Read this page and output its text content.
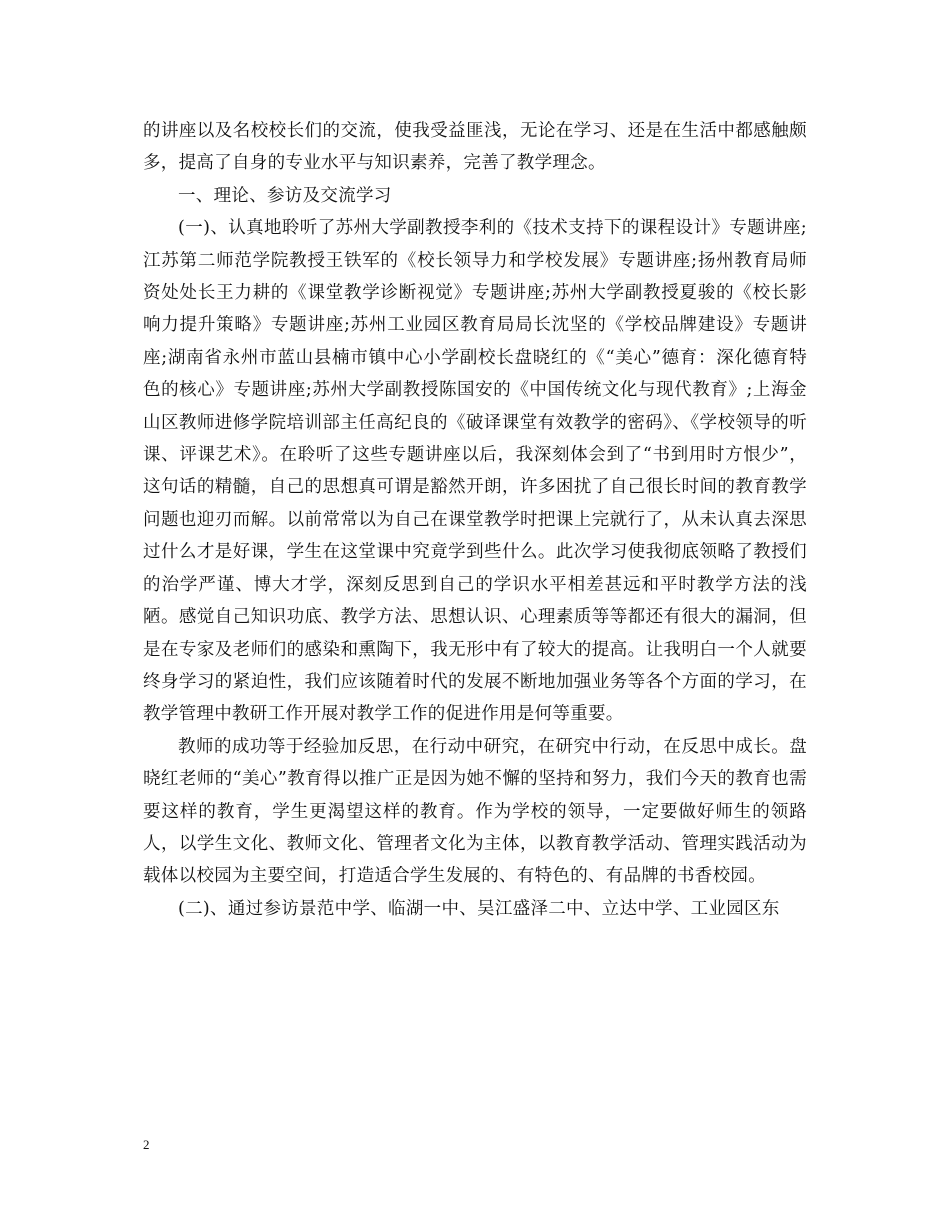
的讲座以及名校校长们的交流，使我受益匪浅，无论在学习、还是在生活中都感触颇多，提高了自身的专业水平与知识素养，完善了教学理念。

一、理论、参访及交流学习

(一)、认真地聆听了苏州大学副教授李利的《技术支持下的课程设计》专题讲座;江苏第二师范学院教授王铁军的《校长领导力和学校发展》专题讲座;扬州教育局师资处处长王力耕的《课堂教学诊断视觉》专题讲座;苏州大学副教授夏骏的《校长影响力提升策略》专题讲座;苏州工业园区教育局局长沈坚的《学校品牌建设》专题讲座;湖南省永州市蓝山县楠市镇中心小学副校长盘晓红的《“美心”德育：深化德育特色的核心》专题讲座;苏州大学副教授陈国安的《中国传统文化与现代教育》;上海金山区教师进修学院培训部主任高纪良的《破译课堂有效教学的密码》、《学校领导的听课、评课艺术》。在聆听了这些专题讲座以后，我深刻体会到了“书到用时方恨少”，这句话的精髓，自己的思想真可谓是豁然开朗，许多困扰了自己很长时间的教育教学问题也迎刃而解。以前常常以为自己在课堂教学时把课上完就行了，从未认真去深思过什么才是好课，学生在这堂课中究竟学到些什么。此次学习使我彻底领略了教授们的治学严谨、博大才学，深刻反思到自己的学识水平相差甚远和平时教学方法的浅陋。感觉自己知识功底、教学方法、思想认识、心理素质等等都还有很大的漏洞，但是在专家及老师们的感染和熏陶下，我无形中有了较大的提高。让我明白一个人就要终身学习的紧迫性，我们应该随着时代的发展不断地加强业务等各个方面的学习，在教学管理中教研工作开展对教学工作的促进作用是何等重要。

教师的成功等于经验加反思，在行动中研究，在研究中行动，在反思中成长。盘晓红老师的“美心”教育得以推广正是因为她不懈的坚持和努力，我们今天的教育也需要这样的教育，学生更渴望这样的教育。作为学校的领导，一定要做好师生的领路人，以学生文化、教师文化、管理者文化为主体，以教育教学活动、管理实践活动为载体以校园为主要空间，打造适合学生发展的、有特色的、有品牌的书香校园。

(二)、通过参访景范中学、临湖一中、吴江盛泽二中、立达中学、工业园区东

2
